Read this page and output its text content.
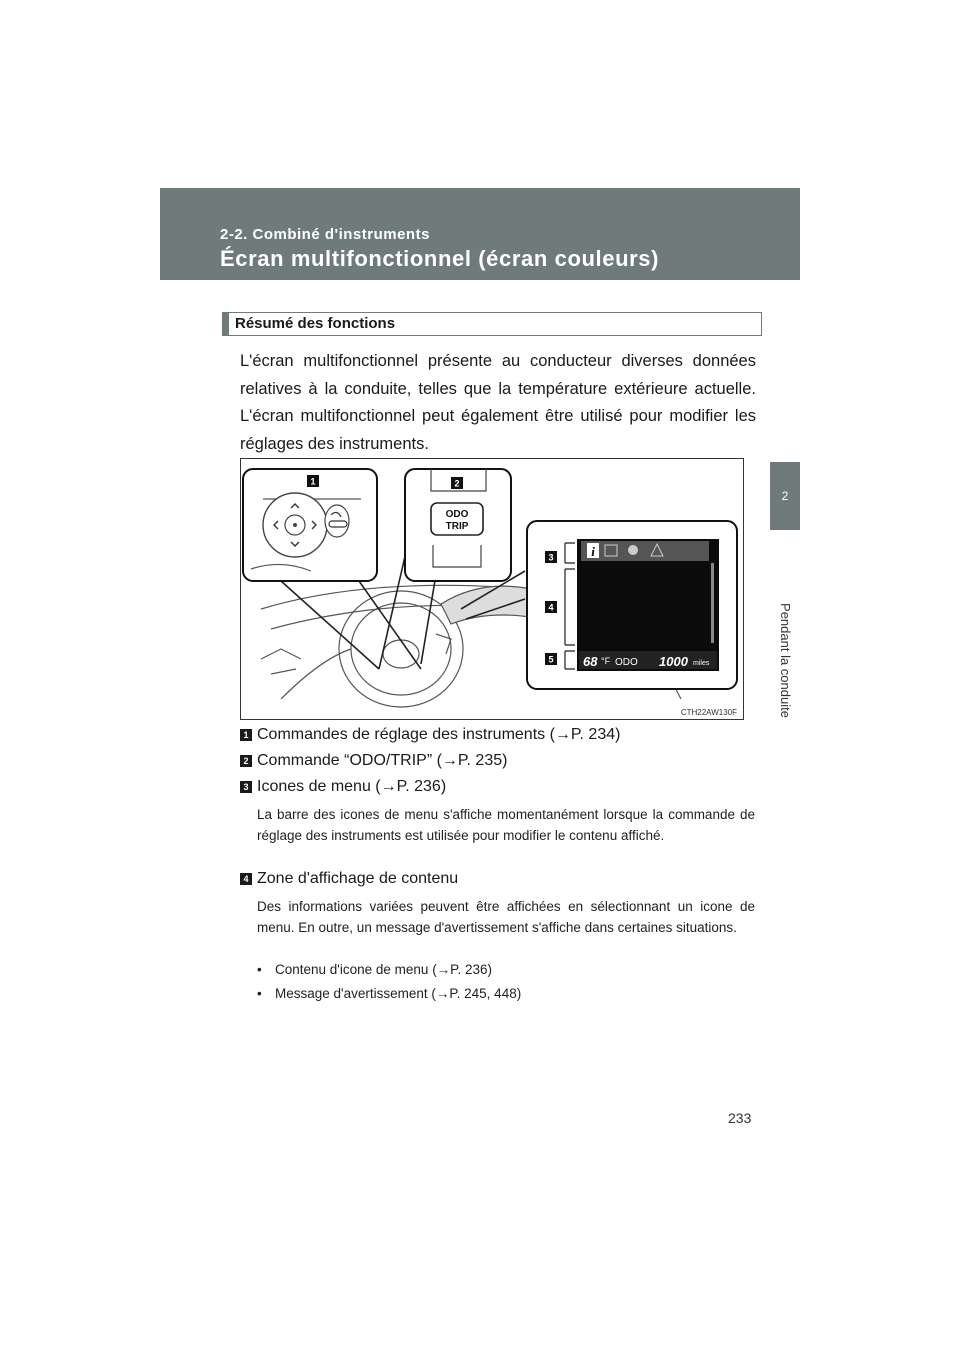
2-2. Combiné d'instruments
Écran multifonctionnel (écran couleurs)
2
Pendant la conduite
Résumé des fonctions
L'écran multifonctionnel présente au conducteur diverses données relatives à la conduite, telles que la température extérieure actuelle. L'écran multifonctionnel peut également être utilisé pour modifier les réglages des instruments.
ODO
TRIP
i
68 °F ODO 1000 miles
1	2
3
4
5
CTH22AW130F
1 Commandes de réglage des instruments (→P. 234)
2 Commande “ODO/TRIP” (→P. 235)
3 Icones de menu (→P. 236)
La barre des icones de menu s'affiche momentanément lorsque la commande de réglage des instruments est utilisée pour modifier le contenu affiché.
4 Zone d'affichage de contenu
Des informations variées peuvent être affichées en sélectionnant un icone de menu. En outre, un message d'avertissement s'affiche dans certaines situations.
• Contenu d'icone de menu (→P. 236)
• Message d'avertissement (→P. 245, 448)
233
